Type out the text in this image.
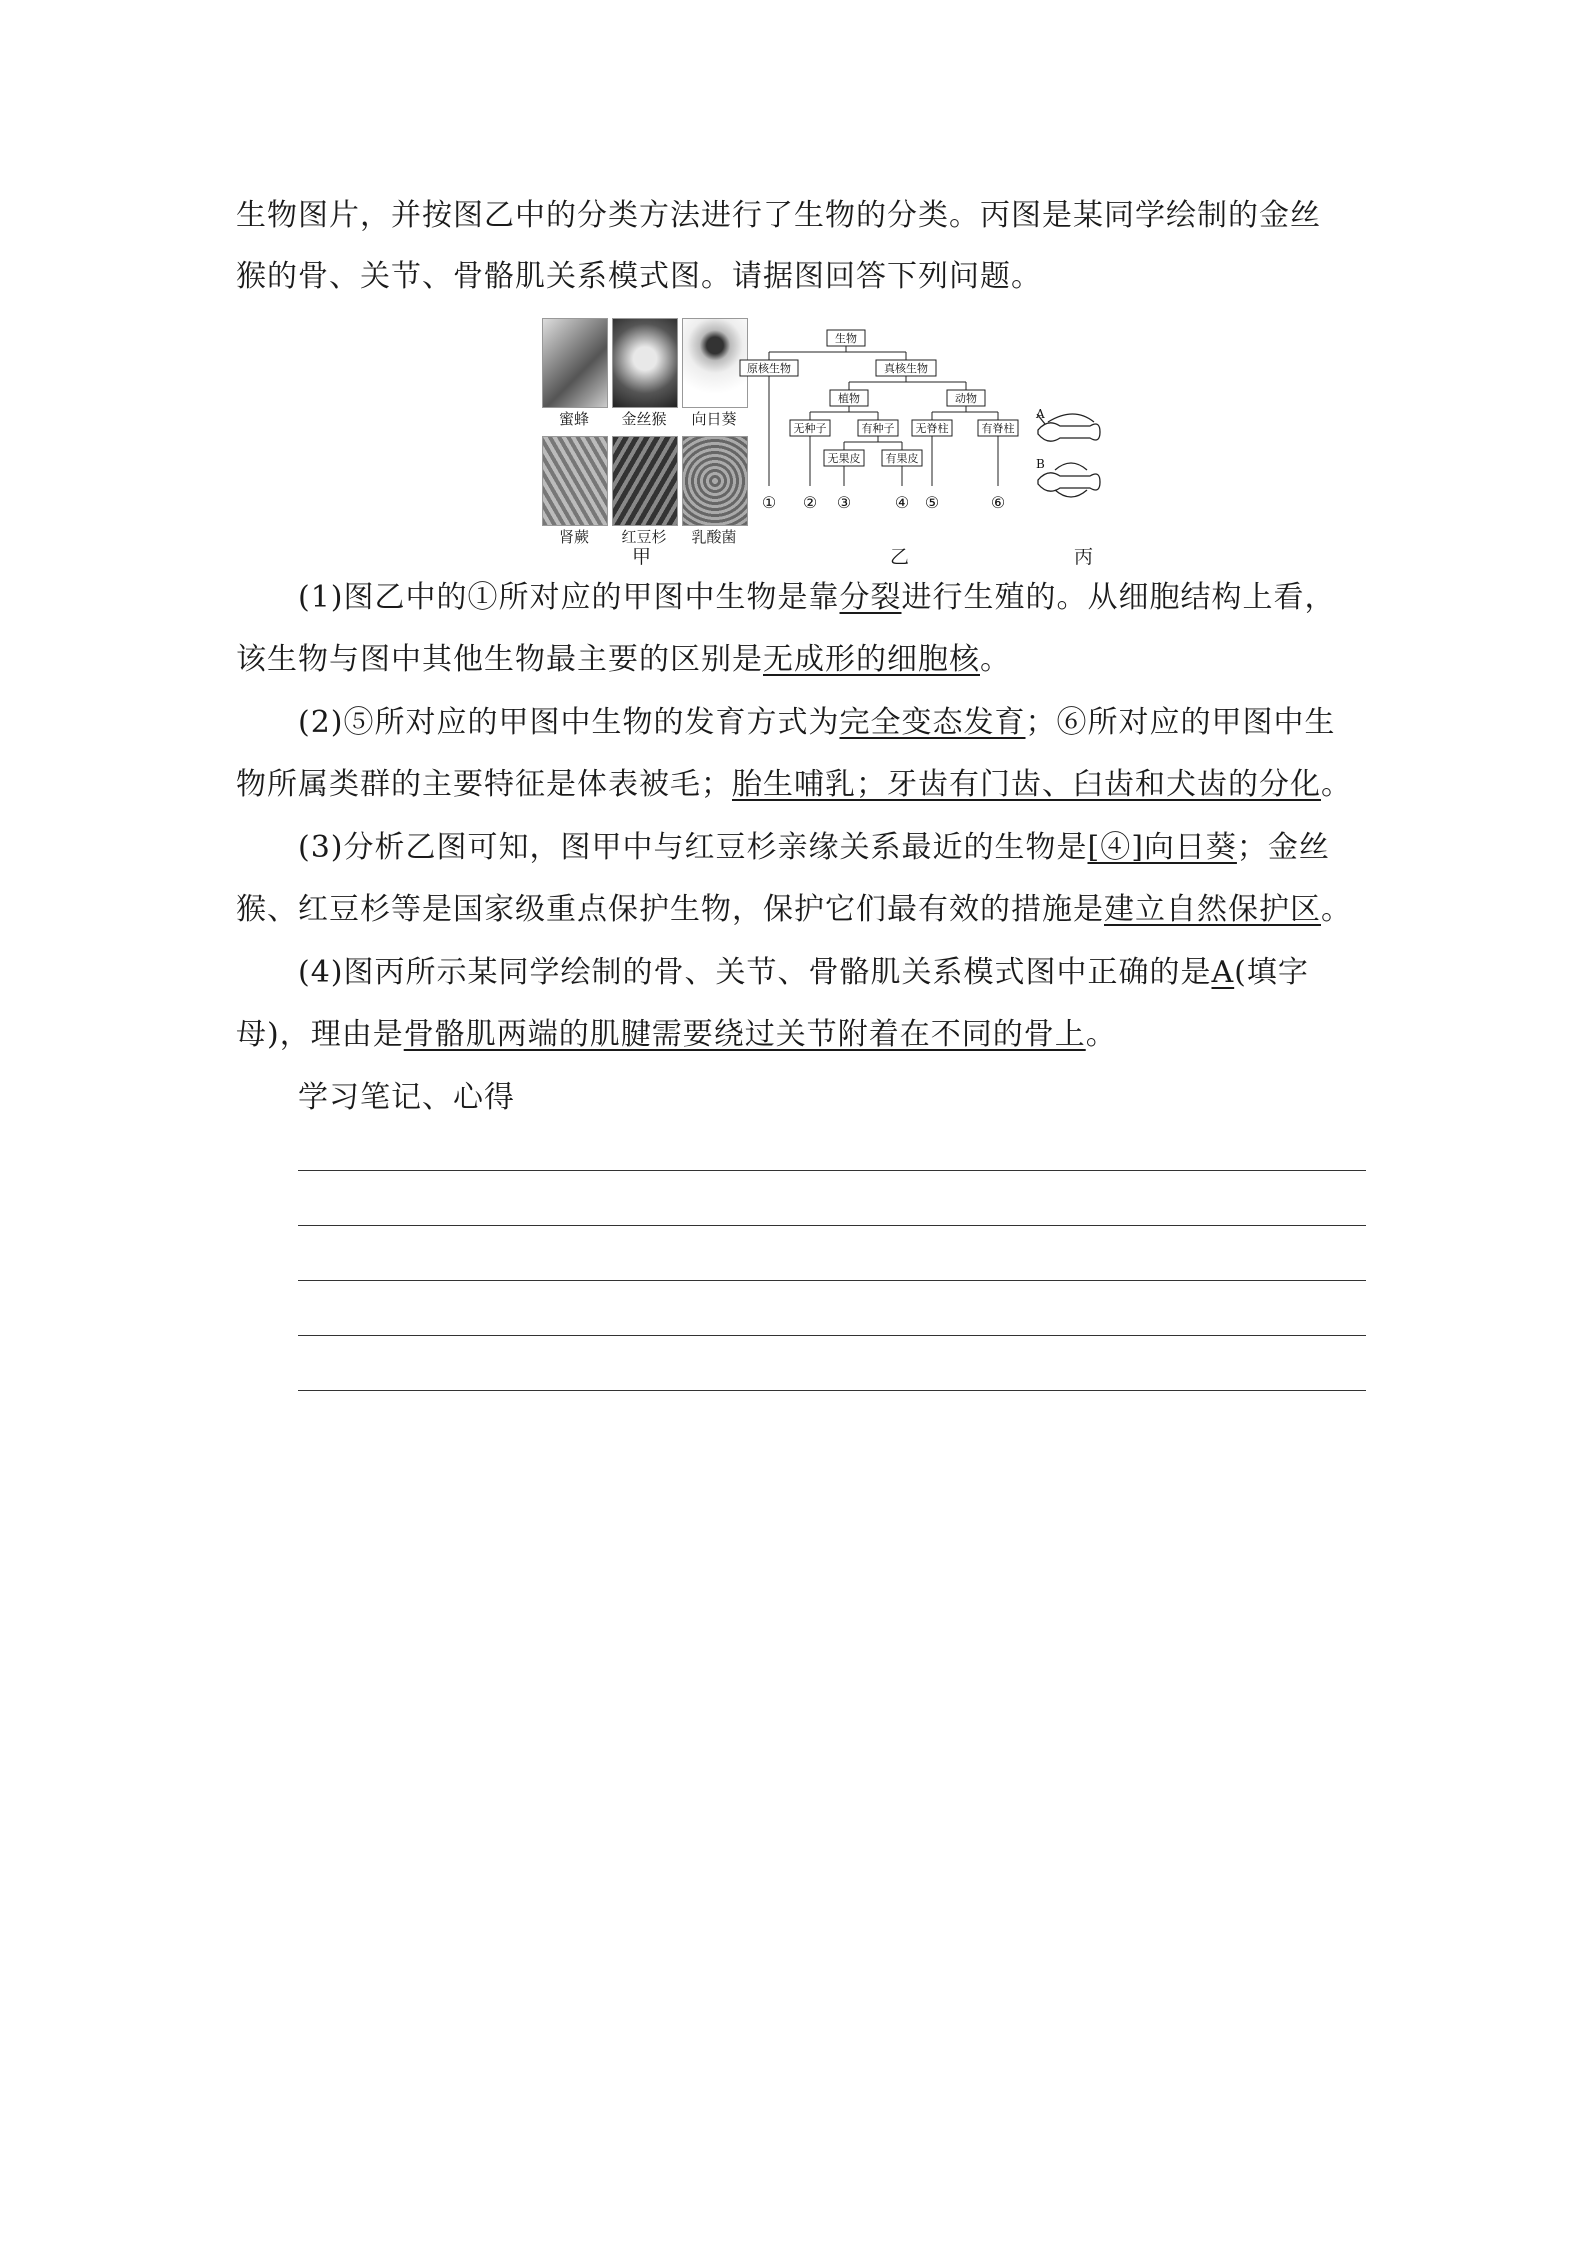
生物图片，并按图乙中的分类方法进行了生物的分类。丙图是某同学绘制的金丝
猴的骨、关节、骨骼肌关系模式图。请据图回答下列问题。
蜜蜂	金丝猴	向日葵
肾蕨	红豆杉	乳酸菌
甲
生物
原核生物	真核生物
植物	动物
无种子	有种子 无脊柱	有脊柱
无果皮 有果皮
① ② ③	④ ⑤	⑥
A
B
乙	丙
(1)图乙中的①所对应的甲图中生物是靠分裂进行生殖的。从细胞结构上看，
该生物与图中其他生物最主要的区别是无成形的细胞核。
(2)⑤所对应的甲图中生物的发育方式为完全变态发育；⑥所对应的甲图中生
物所属类群的主要特征是体表被毛；胎生哺乳；牙齿有门齿、臼齿和犬齿的分化。
(3)分析乙图可知，图甲中与红豆杉亲缘关系最近的生物是[④]向日葵；金丝
猴、红豆杉等是国家级重点保护生物，保护它们最有效的措施是建立自然保护区。
(4)图丙所示某同学绘制的骨、关节、骨骼肌关系模式图中正确的是A(填字
母)，理由是骨骼肌两端的肌腱需要绕过关节附着在不同的骨上。
学习笔记、心得
